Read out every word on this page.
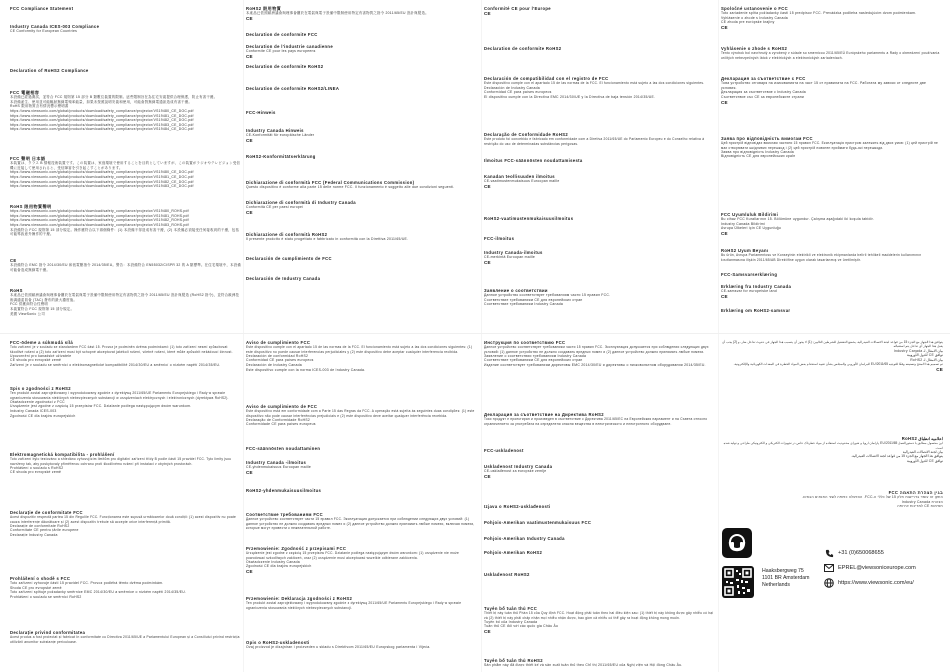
FCC Compliance Statement
Industry Canada ICES-003 Compliance
CE Conformity for European Countries
Declaration of RoHS2 Compliance
FCC 電磁相容
本設備已經過測試，並符合 FCC 規則第 15 部分 B 類數位裝置的限制。這些限制旨在為住宅安裝提供合理保護，防止有害干擾。
本設備產生、使用並可能輻射無線電頻率能量，如果未按照說明安裝和使用，可能會對無線電通訊造成有害干擾。
RoHS 限用物質含有情況標示聲明書
https://www.viewsonic.com/global/products/download/safety_compliance/projector/VS19480_CE_DOC.pdf
https://www.viewsonic.com/global/products/download/safety_compliance/projector/VS19481_CE_DOC.pdf
https://www.viewsonic.com/global/products/download/safety_compliance/projector/VS19482_CE_DOC.pdf
https://www.viewsonic.com/global/products/download/safety_compliance/projector/VS19483_CE_DOC.pdf
https://www.viewsonic.com/global/products/download/safety_compliance/projector/VS19484_CE_DOC.pdf
FCC 聲明 日本語
本装置は、クラス B 情報技術装置です。この装置は、家庭環境で使用することを目的としていますが、この装置がラジオやテレビジョン受信機に近接して使用されると、受信障害を引き起こすことがあります。
https://www.viewsonic.com/global/products/download/safety_compliance/projector/VS19480_CE_DOC.pdf
https://www.viewsonic.com/global/products/download/safety_compliance/projector/VS19481_CE_DOC.pdf
https://www.viewsonic.com/global/products/download/safety_compliance/projector/VS19482_CE_DOC.pdf
https://www.viewsonic.com/global/products/download/safety_compliance/projector/VS19483_CE_DOC.pdf
RoHS 限用物質聲明
https://www.viewsonic.com/global/products/download/safety_compliance/projector/VS19480_ROHS.pdf
https://www.viewsonic.com/global/products/download/safety_compliance/projector/VS19481_ROHS.pdf
https://www.viewsonic.com/global/products/download/safety_compliance/projector/VS19482_ROHS.pdf
https://www.viewsonic.com/global/products/download/safety_compliance/projector/VS19483_ROHS.pdf
本設備符合 FCC 規則第 15 部分規定。操作應符合以下兩個條件：(1) 本設備不得造成有害干擾，(2) 本設備必須接受任何接收到的干擾，包括可能導致意外操作的干擾。
CE
本設備符合 EMC 指令 2014/30/EU 和低電壓指令 2014/35/EU。警告：本設備符合 EN55032/CISPR 32 的 A 類標準。在住宅環境中，本設備可能會造成無線電干擾。
RoHS
本產品已依照歐洲議會與理事會關於在電氣與電子設備中限制使用特定有害物質之指令 2011/65/EU 設計與製造 (RoHS2 指令)，並符合歐洲技術調適委員會 (TAC) 發布的最大濃度值。
FCC 供應商符合性聲明
本裝置符合 FCC 規則第 15 部分規定。
美國 ViewSonic 公司
FCC-ödeme a súkmudá sílá
Toto zařízení je v souladu se standardem FCC část 15. Provoz je podmíněn dvěma podmínkami: (1) toto zařízení nesmí způsobovat škodlivé rušení a (2) toto zařízení musí být schopné akceptovat jakékoli rušení, včetně rušení, které může způsobit nežádoucí činnost.
Upozornění pro kanadské uživatele
CE shoda pro evropské země
Zařízení je v souladu se směrnicí o elektromagnetické kompatibilitě 2014/30/EU a směrnicí o nízkém napětí 2014/35/EU.
Spis o zgodności z RoHS2
Ten produkt został zaprojektowany i wyprodukowany zgodnie z dyrektywą 2011/65/UE Parlamentu Europejskiego i Rady w sprawie ograniczenia stosowania niektórych niebezpiecznych substancji w urządzeniach elektrycznych i elektronicznych (dyrektywa RoHS2).
Oświadczenie zgodności z FCC
Urządzenie jest zgodne z częścią 15 przepisów FCC. Działanie podlega następującym dwóm warunkom.
Industry Canada ICES-003
Zgodność CE dla krajów europejskich
Elektromagnetická kompatibilita - prohlášení
Toto zařízení bylo testováno a shledáno vyhovujícím limitům pro digitální zařízení třídy B podle části 15 pravidel FCC. Tyto limity jsou navrženy tak, aby poskytovaly přiměřenou ochranu proti škodlivému rušení při instalaci v obytných prostorách.
Prohlášení o souladu s RoHS2
CE shoda pro evropské země
Declarație de conformitate FCC
Acest dispozitiv respectă partea 15 din Regulile FCC. Funcționarea este supusă următoarelor două condiții: (1) acest dispozitiv nu poate cauza interferențe dăunătoare și (2) acest dispozitiv trebuie să accepte orice interferență primită.
Declarație de conformitate RoHS2
Conformitate CE pentru țările europene
Declarație Industry Canada
Prohlášení o shodě s FCC
Toto zařízení vyhovuje části 15 pravidel FCC. Provoz podléhá těmto dvěma podmínkám.
Shoda CE pro evropské země
Toto zařízení splňuje požadavky směrnice EMC 2014/30/EU a směrnice o nízkém napětí 2014/35/EU.
Prohlášení o souladu se směrnicí RoHS2
Declarație privind conformitatea
Acest produs a fost proiectat și fabricat în conformitate cu Directiva 2011/65/UE a Parlamentului European și a Consiliului privind restricția utilizării anumitor substanțe periculoase.
RoHS2 限用物質
本產品已依照歐洲議會與理事會關於在電氣與電子設備中限制使用特定有害物質之指令 2011/65/EU 設計與製造。
CE
Declaration de conformite FCC
Declaration de l'industrie canadienne
Conformite CE pour les pays europeens
CE
Declaration de conformite RoHS2
Declaration de conformite RoHS2/LINEA
FCC-Hinweis
Industry Canada Hinweis
CE-Konformität für europäische Länder
CE
RoHS2-Konformitätserklärung
Dichiarazione di conformità FCC (Federal Communications Commission)
Questo dispositivo è conforme alla parte 15 delle norme FCC. Il funzionamento è soggetto alle due condizioni seguenti.
Dichiarazione di conformità di Industry Canada
Conformità CE per paesi europei
CE
Dichiarazione di conformità RoHS2
Il presente prodotto è stato progettato e fabbricato in conformità con la Direttiva 2011/65/UE.
Declaración de cumplimiento de FCC
Declaración de Industry Canada
Aviso de cumplimiento FCC
Este dispositivo cumple con el apartado 15 de las normas de la FCC. El funcionamiento está sujeto a las dos condiciones siguientes: (1) este dispositivo no puede causar interferencias perjudiciales y (2) este dispositivo debe aceptar cualquier interferencia recibida.
Declaración de conformidad RoHS2
Conformidad CE para países europeos
Declaración de Industry Canada
Este dispositivo cumple con la norma ICES-003 de Industry Canada.
Aviso de cumplimiento de FCC
Este dispositivo está em conformidade com a Parte 15 das Regras da FCC. A operação está sujeita às seguintes duas condições: (1) este dispositivo não pode causar interferências prejudiciais e (2) este dispositivo deve aceitar qualquer interferência recebida.
Declaração de Conformidade RoHS2
Conformidade CE para países europeus
FCC-säännösten noudattaminen
Industry Canada -ilmoitus
CE-yhdenmukaisuus Euroopan maille
CE
RoHS2-yhdenmukaisuusilmoitus
Соответствие требованиям FCC
Данное устройство соответствует части 15 правил FCC. Эксплуатация допускается при соблюдении следующих двух условий: (1) данное устройство не должно создавать вредных помех и (2) данное устройство должно принимать любые помехи, включая помехи, которые могут привести к нежелательной работе.
Przemowienie: Zgodność z przepisami FCC
Urządzenie jest zgodne z częścią 15 przepisów FCC. Działanie podlega następującym dwóm warunkom: (1) urządzenie nie może powodować szkodliwych zakłóceń, oraz (2) urządzenie musi akceptować wszelkie odbierane zakłócenia.
Oświadczenie Industry Canada
Zgodność CE dla krajów europejskich
CE
Przemowienie: Deklaracja zgodności z RoHS2
Ten produkt został zaprojektowany i wyprodukowany zgodnie z dyrektywą 2011/65/UE Parlamentu Europejskiego i Rady w sprawie ograniczenia stosowania niektórych niebezpiecznych substancji.
Opis o RoHS2-uskladenosti
Ovaj proizvod je dizajniran i proizveden u skladu s Direktivom 2011/65/EU Europskog parlamenta i Vijeća.
Conformité CE pour l'Europe
CE
Declaration de conformite RoHS2
Declaración de compatibilidad con el registro de FCC
Este dispositivo cumple con el apartado 15 de las normas de la FCC. El funcionamiento está sujeto a las dos condiciones siguientes.
Declaración de Industry Canada
Conformidad CE para países europeos
El dispositivo cumple con la Directiva EMC 2014/30/UE y la Directiva de baja tensión 2014/35/UE.
Declaração de Conformidade RoHS2
Este produto foi concebido e fabricado em conformidade com a Diretiva 2011/65/UE do Parlamento Europeu e do Conselho relativa à restrição do uso de determinadas substâncias perigosas.
Ilmoitus FCC-säännösten noudattamisesta
Kanadan teollisuuden ilmoitus
CE-vaatimustenmukaisuus Euroopan maille
CE
RoHS2-vaatimustenmukaisuusilmoitus
FCC-ilmoitus
Industry Canada-ilmoitus
CE-merkintä Euroopan maille
CE
Заявление о соответствии
Данное устройство соответствует требованиям части 15 правил FCC.
Соответствие требованиям CE для европейских стран
Соответствие требованиям Industry Canada
Инструкция по соответствию FCC
Данное устройство соответствует требованиям части 15 правил FCC. Эксплуатация допускается при соблюдении следующих двух условий: (1) данное устройство не должно создавать вредных помех и (2) данное устройство должно принимать любые помехи.
Заявление о соответствии требованиям Industry Canada
Соответствие требованиям CE для европейских стран
Изделие соответствует требованиям директивы EMC 2014/30/EU и директивы о низковольтном оборудовании 2014/35/EU.
Декларация за съответствие на Директива RoHS2
Този продукт е проектиран и произведен в съответствие с Директива 2011/65/ЕС на Европейския парламент и на Съвета относно ограничението за употребата на определени опасни вещества в електрическото и електронното оборудване.
FCC-uskladenost
Uskladenost Industry Canada
CE-usklađenost za europske zemlje
CE
Izjava o RoHS2-usklađenosti
Pohjois-Amerikan vaatimustenmukaisuus FCC
Pohjois-Amerikan Industry Canada
Pohjois-Amerikan RoHS2
Uskladenost RoHS2
Tuyên bố tuân thủ FCC
Thiết bị này tuân thủ Phần 15 của Quy định FCC. Hoạt động phải tuân theo hai điều kiện sau: (1) thiết bị này không được gây nhiễu có hại và (2) thiết bị này phải chấp nhận mọi nhiễu nhận được, bao gồm cả nhiễu có thể gây ra hoạt động không mong muốn.
Tuyên bố của Industry Canada
Tuân thủ CE đối với các quốc gia Châu Âu
CE
Tuyên bố tuân thủ RoHS2
Sản phẩm này đã được thiết kế và sản xuất tuân thủ theo Chỉ thị 2011/65/EU của Nghị viện và Hội đồng Châu Âu.
Spoločné ustanovenie o FCC
Toto zariadenie spĺňa požiadavky časti 15 predpisov FCC. Prevádzka podlieha nasledujúcim dvom podmienkam.
Vyhlásenie o zhode s Industry Canada
CE zhoda pre európske krajiny
CE
Vyhlásenie o zhode s RoHS2
Tento výrobok bol navrhnutý a vyrobený v súlade so smernicou 2011/65/EÚ Európskeho parlamentu a Rady o obmedzení používania určitých nebezpečných látok v elektrických a elektronických zariadeniach.
Декларация за съответствие с FCC
Това устройство отговаря на изискванията на част 15 от правилата на FCC. Работата му зависи от следните две условия.
Декларация за съответствие с Industry Canada
Съответствие със CE за европейските страни
CE
Заява про відповідність вимогам FCC
Цей пристрій відповідає вимогам частини 15 правил FCC. Експлуатація пристрою залежить від двох умов: (1) цей пристрій не має створювати шкідливих перешкод і (2) цей пристрій повинен приймати будь-які перешкоди.
Заява про відповідність Industry Canada
Відповідність CE для європейських країн
FCC Uyumluluk Bildirimi
Bu cihaz FCC Kurallarının 15. Bölümüne uygundur. Çalışma aşağıdaki iki koşula tabidir.
Industry Canada Bildirimi
Avrupa Ülkeleri için CE Uygunluğu
CE
RoHS2 Uyum Beyanı
Bu ürün, Avrupa Parlamentosu ve Konseyinin elektrikli ve elektronik ekipmanlarda belirli tehlikeli maddelerin kullanımının kısıtlanmasına ilişkin 2011/65/AB Direktifine uygun olarak tasarlanmış ve üretilmiştir.
FCC-Samsvarserklæring
Erklæring fra Industry Canada
CE-samsvar for europeiske land
CE
Erklæring om RoHS2-samsvar
يتوافق هذا الجهاز مع الجزء 15 من قواعد لجنة الاتصالات الفيدرالية. يخضع التشغيل للشرطين التاليين: (1) لا يجوز أن يتسبب هذا الجهاز في حدوث تداخل ضار، و (2) يجب أن يقبل هذا الجهاز أي تداخل يتم استقباله.
بيان الامتثال لـ Industry Canada
توافق CE للدول الأوروبية
بيان الامتثال لـ RoHS2
تم تصميم هذا المنتج وتصنيعه وفقًا للتوجيه 2011/65/EU للبرلمان الأوروبي والمجلس بشأن تقييد استخدام بعض المواد الخطرة في المعدات الكهربائية والإلكترونية.
CE
اعلامیه انطباق RoHS2
این محصول مطابق با دستورالعمل 2011/65/EU پارلمان اروپا و شورای محدودیت استفاده از مواد خطرناک خاص در تجهیزات الکتریکی و الکترونیکی طراحی و تولید شده است.
بيان لجنة الاتصالات الفيدرالية
يتوافق هذا الجهاز مع الجزء 15 من قواعد لجنة الاتصالات الفيدرالية.
توافق CE للدول الأوروبية
בגין הצהרת התאמה FCC
התקן זה עומד בדרישות חלק 15 של כללי ה-FCC. ההפעלה כפופה לשני התנאים הבאים.
הצהרת Industry Canada
תאימות CE למדינות אירופה
Haaksbergweg 75
1101 BR Amsterdam
Netherlands
+31 (0)650068655
EPREL@viewsoniceurope.com
https://www.viewsonic.com/eu/
